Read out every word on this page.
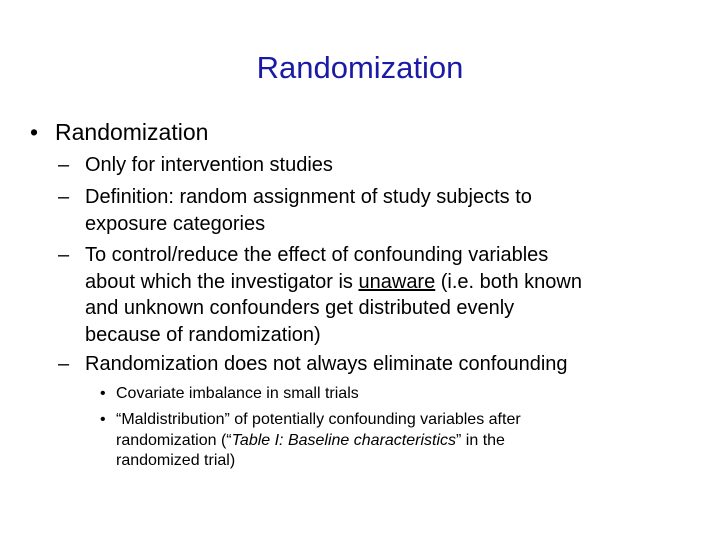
Randomization
• Randomization
– Only for intervention studies
– Definition: random assignment of study subjects to
exposure categories
– To control/reduce the effect of confounding variables
about which the investigator is unaware (i.e. both known
and unknown confounders get distributed evenly
because of randomization)
– Randomization does not always eliminate confounding
• Covariate imbalance in small trials
• “Maldistribution” of potentially confounding variables after
randomization (“Table I: Baseline characteristics” in the
randomized trial)
